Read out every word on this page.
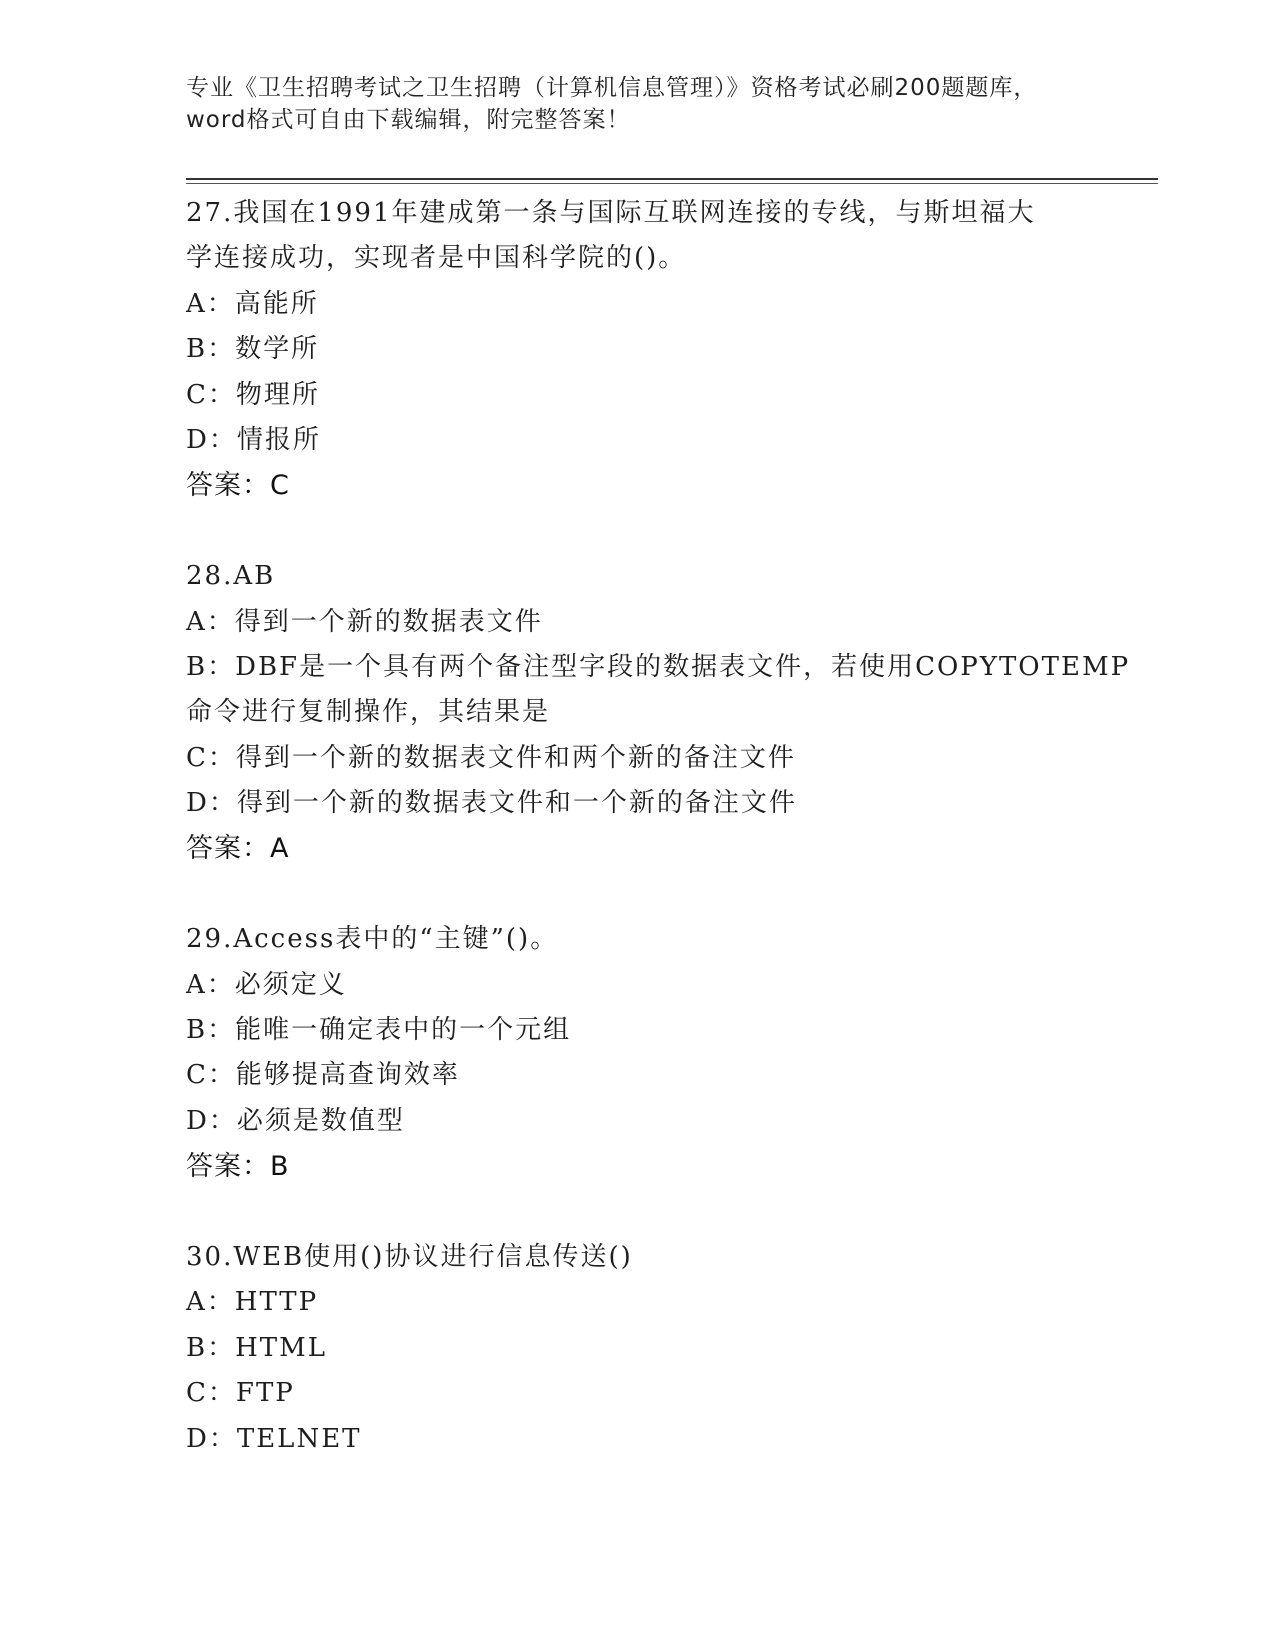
专业《卫生招聘考试之卫生招聘（计算机信息管理）》资格考试必刷200题题库，
word格式可自由下载编辑，附完整答案！
27.我国在1991年建成第一条与国际互联网连接的专线，与斯坦福大
学连接成功，实现者是中国科学院的()。
A：高能所
B：数学所
C：物理所
D：情报所
答案：C
28.AB
A：得到一个新的数据表文件
B：DBF是一个具有两个备注型字段的数据表文件，若使用COPYTOTEMP
命令进行复制操作，其结果是
C：得到一个新的数据表文件和两个新的备注文件
D：得到一个新的数据表文件和一个新的备注文件
答案：A
29.Access表中的“主键”()。
A：必须定义
B：能唯一确定表中的一个元组
C：能够提高查询效率
D：必须是数值型
答案：B
30.WEB使用()协议进行信息传送()
A：HTTP
B：HTML
C：FTP
D：TELNET
